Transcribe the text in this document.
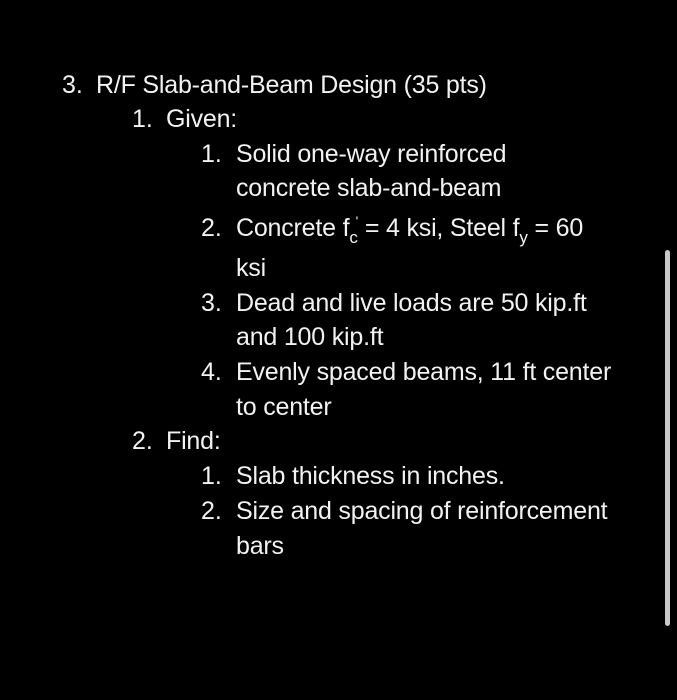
3. R/F Slab-and-Beam Design (35 pts)
1. Given:
1. Solid one-way reinforced
concrete slab-and-beam
2. Concrete $f_c' = 4$ ksi, Steel $f_y = 60$
ksi
3. Dead and live loads are 50 kip.ft
and 100 kip.ft
4. Evenly spaced beams, 11 ft center
to center
2. Find:
1. Slab thickness in inches.
2. Size and spacing of reinforcement
bars
